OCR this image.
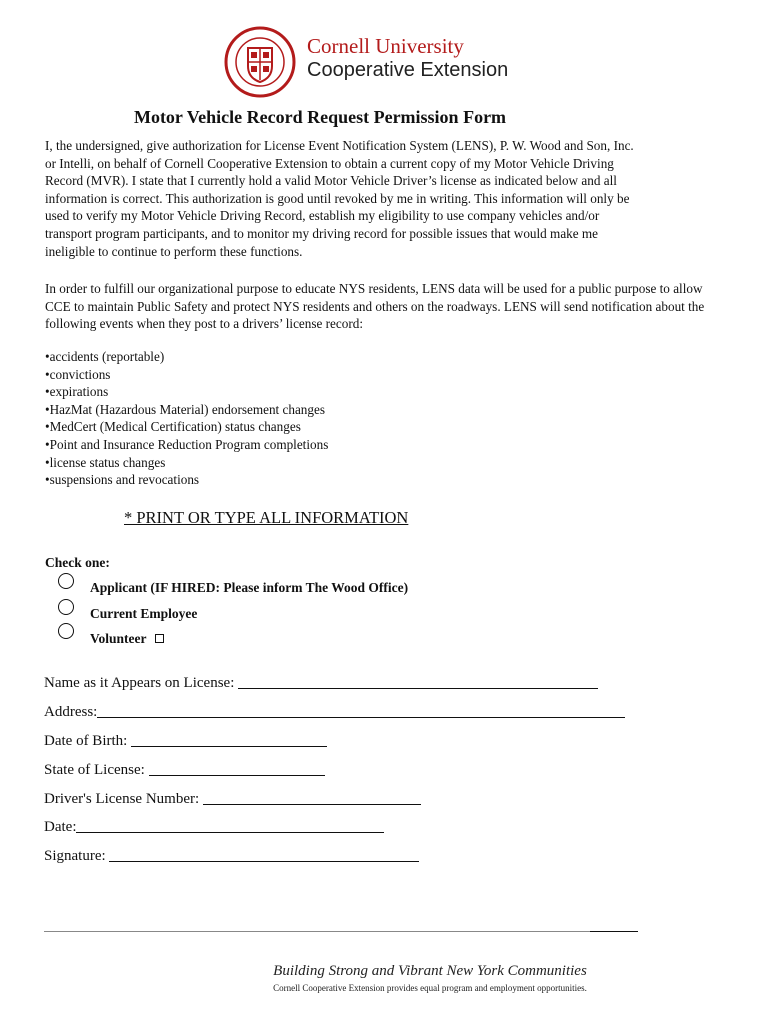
Cornell University
Cooperative Extension
Motor Vehicle Record Request Permission Form

I, the undersigned, give authorization for License Event Notification System (LENS), P. W. Wood and Son, Inc. or Intelli, on behalf of Cornell Cooperative Extension to obtain a current copy of my Motor Vehicle Driving Record (MVR). I state that I currently hold a valid Motor Vehicle Driver’s license as indicated below and all information is correct. This authorization is good until revoked by me in writing. This information will only be used to verify my Motor Vehicle Driving Record, establish my eligibility to use company vehicles and/or transport program participants, and to monitor my driving record for possible issues that would make me ineligible to continue to perform these functions.

In order to fulfill our organizational purpose to educate NYS residents, LENS data will be used for a public purpose to allow CCE to maintain Public Safety and protect NYS residents and others on the roadways. LENS will send notification about the following events when they post to a drivers’ license record:

•accidents (reportable)
•convictions
•expirations
•HazMat (Hazardous Material) endorsement changes
•MedCert (Medical Certification) status changes
•Point and Insurance Reduction Program completions
•license status changes
•suspensions and revocations
* PRINT OR TYPE ALL INFORMATION
Check one:
Applicant (IF HIRED: Please inform The Wood Office)
Current Employee
Volunteer
Name as it Appears on License:
Address:
Date of Birth:
State of License:
Driver's License Number:
Date:
Signature:
Building Strong and Vibrant New York Communities
Cornell Cooperative Extension provides equal program and employment opportunities.
